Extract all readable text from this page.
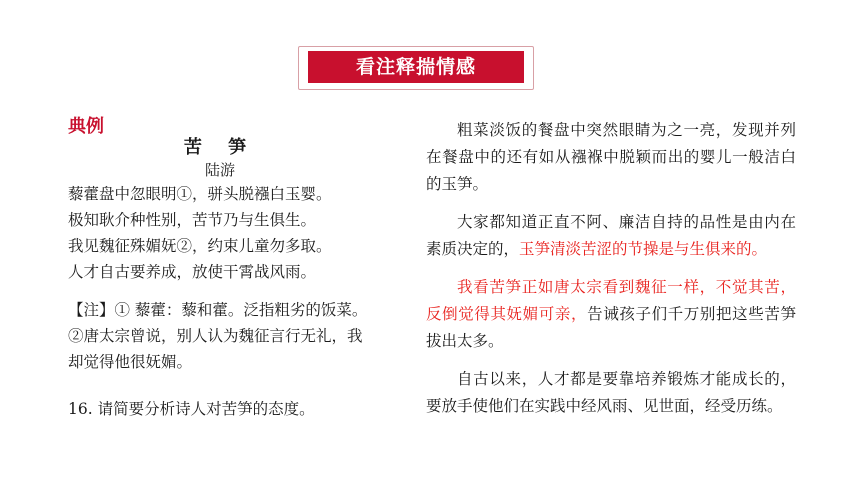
看注释揣情感
典例
苦 笋
陆游
藜藿盘中忽眼明①，骈头脱襁白玉婴。
极知耿介种性别，苦节乃与生俱生。
我见魏征殊媚妩②，约束儿童勿多取。
人才自古要养成，放使干霄战风雨。
【注】① 藜藿：藜和藿。泛指粗劣的饭菜。②唐太宗曾说，别人认为魏征言行无礼，我却觉得他很妩媚。
16. 请简要分析诗人对苦笋的态度。

粗菜淡饭的餐盘中突然眼睛为之一亮，发现并列在餐盘中的还有如从襁褓中脱颖而出的婴儿一般洁白的玉笋。

大家都知道正直不阿、廉洁自持的品性是由内在素质决定的，玉笋清淡苦涩的节操是与生俱来的。

我看苦笋正如唐太宗看到魏征一样，不觉其苦，反倒觉得其妩媚可亲，告诫孩子们千万别把这些苦笋拔出太多。

自古以来，人才都是要靠培养锻炼才能成长的，要放手使他们在实践中经风雨、见世面，经受历练。
